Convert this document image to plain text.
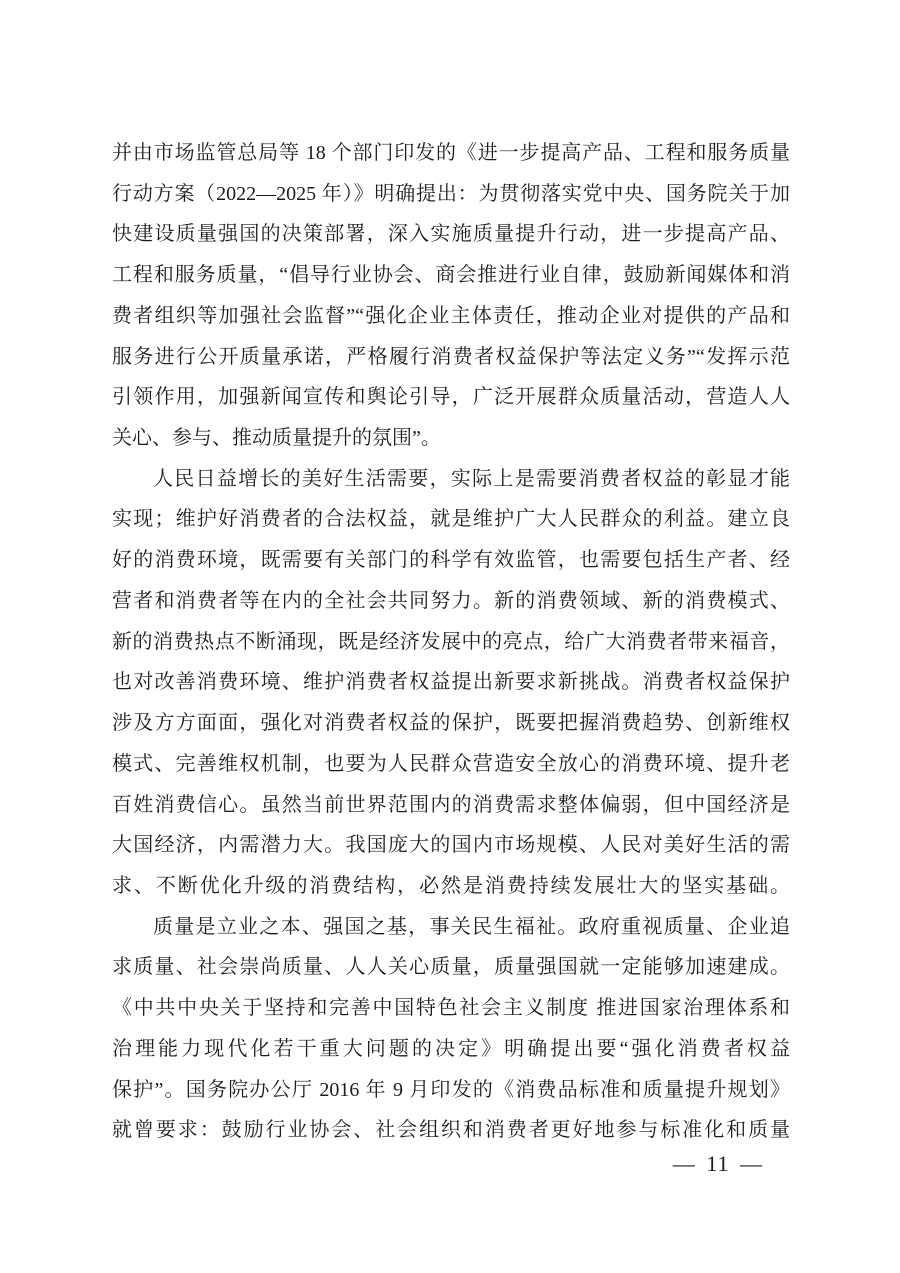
并由市场监管总局等 18 个部门印发的《进一步提高产品、工程和服务质量
行动方案（2022—2025 年）》明确提出：为贯彻落实党中央、国务院关于加
快建设质量强国的决策部署，深入实施质量提升行动，进一步提高产品、
工程和服务质量，“倡导行业协会、商会推进行业自律，鼓励新闻媒体和消
费者组织等加强社会监督”“强化企业主体责任，推动企业对提供的产品和
服务进行公开质量承诺，严格履行消费者权益保护等法定义务”“发挥示范
引领作用，加强新闻宣传和舆论引导，广泛开展群众质量活动，营造人人
关心、参与、推动质量提升的氛围”。
人民日益增长的美好生活需要，实际上是需要消费者权益的彰显才能
实现；维护好消费者的合法权益，就是维护广大人民群众的利益。建立良
好的消费环境，既需要有关部门的科学有效监管，也需要包括生产者、经
营者和消费者等在内的全社会共同努力。新的消费领域、新的消费模式、
新的消费热点不断涌现，既是经济发展中的亮点，给广大消费者带来福音，
也对改善消费环境、维护消费者权益提出新要求新挑战。消费者权益保护
涉及方方面面，强化对消费者权益的保护，既要把握消费趋势、创新维权
模式、完善维权机制，也要为人民群众营造安全放心的消费环境、提升老
百姓消费信心。虽然当前世界范围内的消费需求整体偏弱，但中国经济是
大国经济，内需潜力大。我国庞大的国内市场规模、人民对美好生活的需
求、不断优化升级的消费结构，必然是消费持续发展壮大的坚实基础。
质量是立业之本、强国之基，事关民生福祉。政府重视质量、企业追
求质量、社会崇尚质量、人人关心质量，质量强国就一定能够加速建成。
《中共中央关于坚持和完善中国特色社会主义制度 推进国家治理体系和
治理能力现代化若干重大问题的决定》明确提出要“强化消费者权益
保护”。国务院办公厅 2016 年 9 月印发的《消费品标准和质量提升规划》
就曾要求：鼓励行业协会、社会组织和消费者更好地参与标准化和质量
— 11 —
